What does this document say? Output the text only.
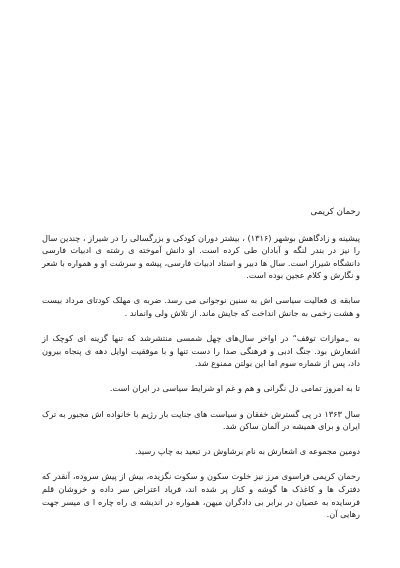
رحمان کریمی
پیشینه و زادگاهش بوشهر (۱۳۱۶) ، بیشتر دوران کودکی و بزرگسالی را در شیراز ، چندین سال را نیز در بندر لنگه و آبادان طی کرده است. او دانش آموخته ی رشته ی ادبیات فارسی دانشگاه شیراز است. سال ها دبیر و استاد ادبیات فارسی، پیشه و سرشت او و همواره با شعر و نگارش و کلام عجین بوده است.
سابقه ی فعالیت سیاسی اش به سنین نوجوانی می رسد. ضربه ی مهلک کودتای مرداد بیست و هشت زخمی به جانش انداخت که جایش ماند. از تلاش ولی وانماند .
به „موازات توقف“ در اواخر سال‌های چهل شمسی منتشرشد که تنها گزینه ای کوچک از اشعارش بود. جنگ ادبی و فرهنگی صدا را دست تنها و با موفقیت اوایل دهه ی پنجاه بیرون داد، پس از شماره سوم اما این بولتن ممنوع شد.
تا به امروز تمامی دل نگرانی و هم و غم او شرایط سیاسی در ایران است.
سال ۱۳۶۳ در پی گسترش خفقان و سیاست های جنایت بار رژیم با خانواده اش مجبور به ترک ایران و برای همیشه در آلمان ساکن شد.
دومین مجموعه ی اشعارش به نام برشاوش در تبعید به چاپ رسید.
رحمان کریمی فراسوی مرز نیز خلوت سکون و سکوت نگزیده، بیش از پیش سروده، آنقدر که دفترک ها و کاغذک ها گوشه و کنار پر شده اند، فریاد اعتراض سر داده و خروشان قلم فرسایده به عصیان در برابر بی دادگران میهن، همواره در اندیشه ی راه چاره ا ی میسر جهت رهایی آن.
